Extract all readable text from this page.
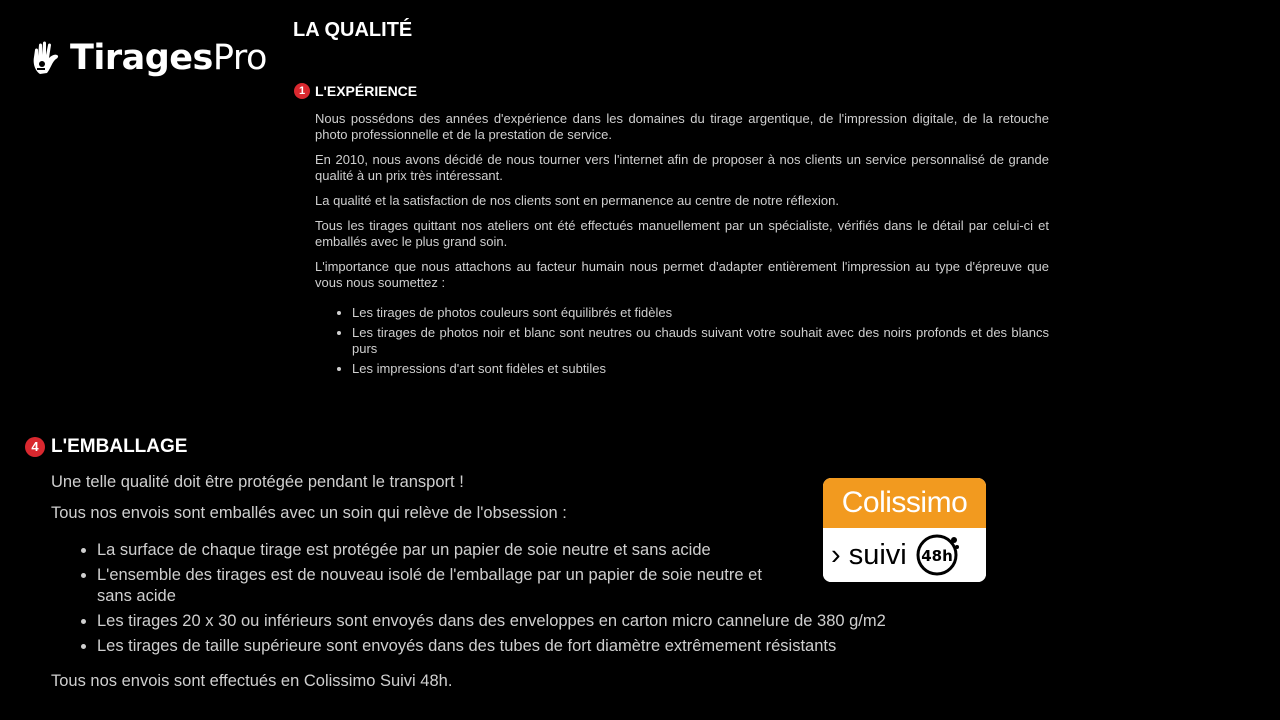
TiragesPro
LA QUALITÉ
1 L'EXPÉRIENCE

Nous possédons des années d'expérience dans les domaines du tirage argentique, de l'impression digitale, de la retouche photo professionnelle et de la prestation de service.

En 2010, nous avons décidé de nous tourner vers l'internet afin de proposer à nos clients un service personnalisé de grande qualité à un prix très intéressant.

La qualité et la satisfaction de nos clients sont en permanence au centre de notre réflexion.

Tous les tirages quittant nos ateliers ont été effectués manuellement par un spécialiste, vérifiés dans le détail par celui-ci et emballés avec le plus grand soin.

L'importance que nous attachons au facteur humain nous permet d'adapter entièrement l'impression au type d'épreuve que vous nous soumettez :

• Les tirages de photos couleurs sont équilibrés et fidèles
• Les tirages de photos noir et blanc sont neutres ou chauds suivant votre souhait avec des noirs profonds et des blancs purs
• Les impressions d'art sont fidèles et subtiles
4 L'EMBALLAGE

Une telle qualité doit être protégée pendant le transport !

Tous nos envois sont emballés avec un soin qui relève de l'obsession :

• La surface de chaque tirage est protégée par un papier de soie neutre et sans acide
• L'ensemble des tirages est de nouveau isolé de l'emballage par un papier de soie neutre et sans acide
• Les tirages 20 x 30 ou inférieurs sont envoyés dans des enveloppes en carton micro cannelure de 380 g/m2
• Les tirages de taille supérieure sont envoyés dans des tubes de fort diamètre extrêmement résistants

Tous nos envois sont effectués en Colissimo Suivi 48h.

Colissimo
› suivi 48h
